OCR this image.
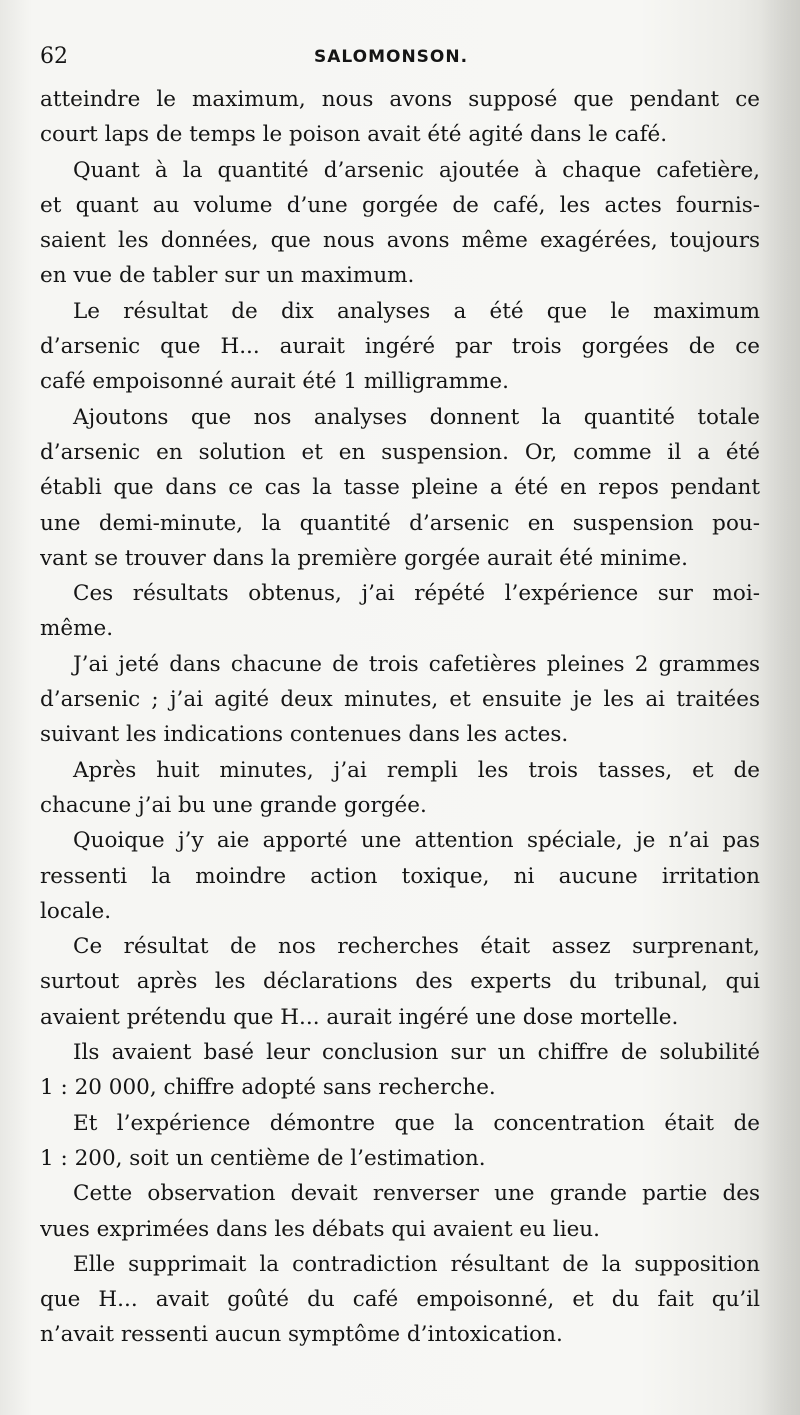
62	SALOMONSON.
atteindre le maximum, nous avons supposé que pendant ce
court laps de temps le poison avait été agité dans le café.
Quant à la quantité d’arsenic ajoutée à chaque cafetière,
et quant au volume d’une gorgée de café, les actes fournis-
saient les données, que nous avons même exagérées, toujours
en vue de tabler sur un maximum.
Le résultat de dix analyses a été que le maximum
d’arsenic que H... aurait ingéré par trois gorgées de ce
café empoisonné aurait été 1 milligramme.
Ajoutons que nos analyses donnent la quantité totale
d’arsenic en solution et en suspension. Or, comme il a été
établi que dans ce cas la tasse pleine a été en repos pendant
une demi-minute, la quantité d’arsenic en suspension pou-
vant se trouver dans la première gorgée aurait été minime.
Ces résultats obtenus, j’ai répété l’expérience sur moi-
même.
J’ai jeté dans chacune de trois cafetières pleines 2 grammes
d’arsenic ; j’ai agité deux minutes, et ensuite je les ai traitées
suivant les indications contenues dans les actes.
Après huit minutes, j’ai rempli les trois tasses, et de
chacune j’ai bu une grande gorgée.
Quoique j’y aie apporté une attention spéciale, je n’ai pas
ressenti la moindre action toxique, ni aucune irritation
locale.
Ce résultat de nos recherches était assez surprenant,
surtout après les déclarations des experts du tribunal, qui
avaient prétendu que H... aurait ingéré une dose mortelle.
Ils avaient basé leur conclusion sur un chiffre de solubilité
1 : 20 000, chiffre adopté sans recherche.
Et l’expérience démontre que la concentration était de
1 : 200, soit un centième de l’estimation.
Cette observation devait renverser une grande partie des
vues exprimées dans les débats qui avaient eu lieu.
Elle supprimait la contradiction résultant de la supposition
que H... avait goûté du café empoisonné, et du fait qu’il
n’avait ressenti aucun symptôme d’intoxication.
